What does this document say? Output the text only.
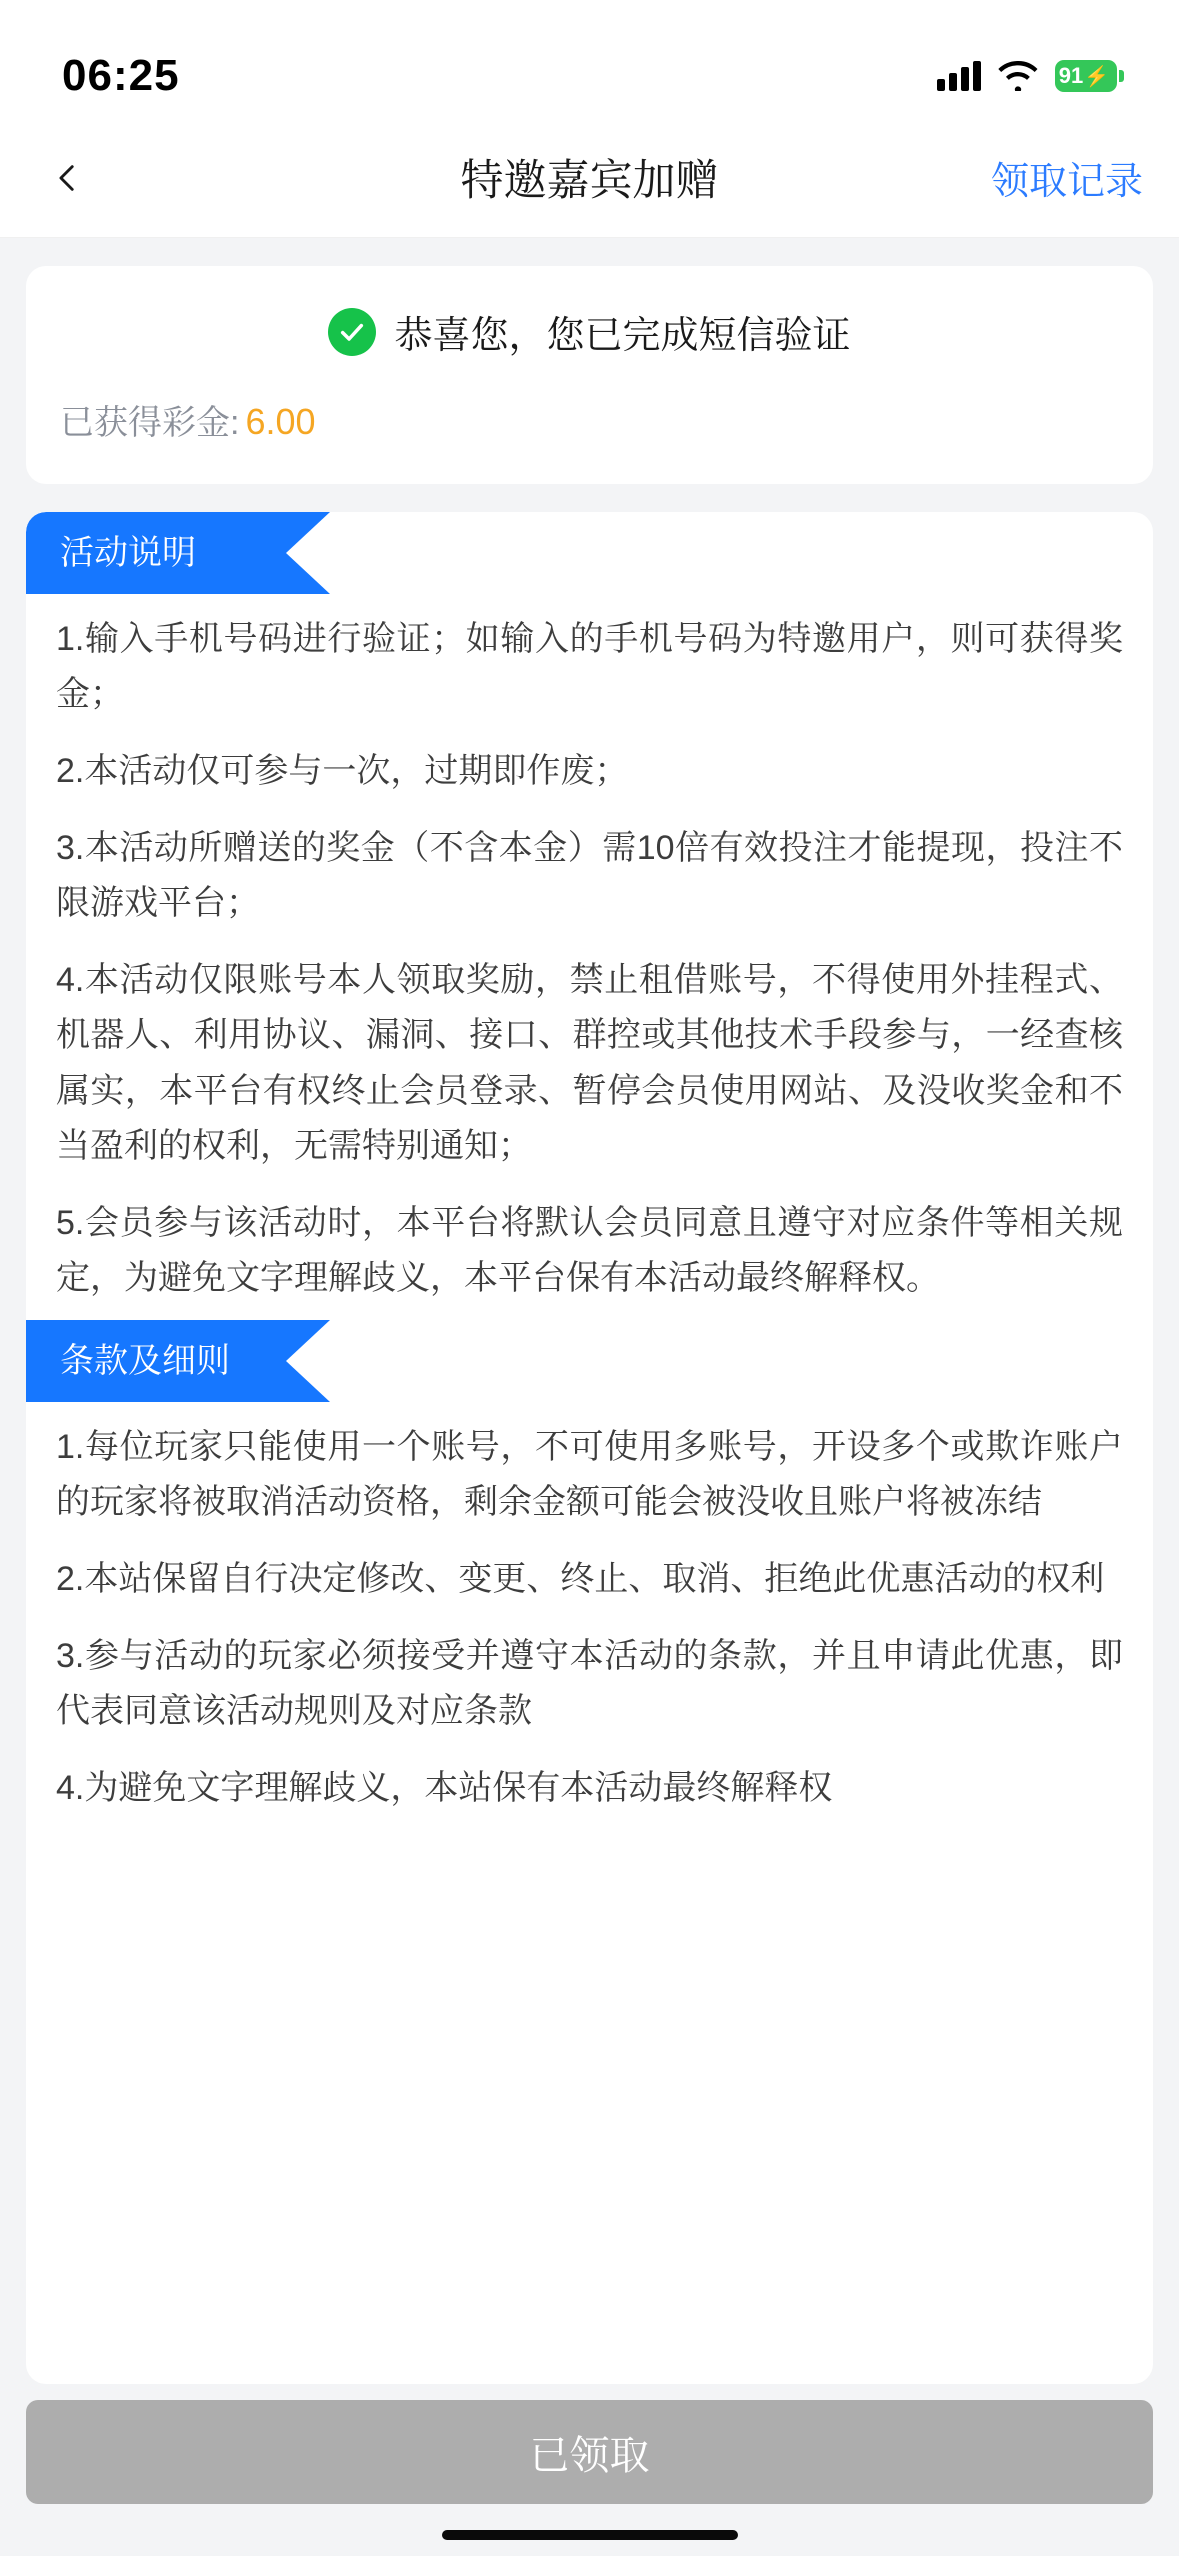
06:25	91 ⚡
特邀嘉宾加赠	领取记录
恭喜您，您已完成短信验证
已获得彩金: 6.00
活动说明

1.输入手机号码进行验证；如输入的手机号码为特邀用户，则可获得奖金；

2.本活动仅可参与一次，过期即作废；

3.本活动所赠送的奖金（不含本金）需10倍有效投注才能提现，投注不限游戏平台；

4.本活动仅限账号本人领取奖励，禁止租借账号，不得使用外挂程式、机器人、利用协议、漏洞、接口、群控或其他技术手段参与，一经查核属实，本平台有权终止会员登录、暂停会员使用网站、及没收奖金和不当盈利的权利，无需特别通知；

5.会员参与该活动时，本平台将默认会员同意且遵守对应条件等相关规定，为避免文字理解歧义，本平台保有本活动最终解释权。

条款及细则

1.每位玩家只能使用一个账号，不可使用多账号，开设多个或欺诈账户的玩家将被取消活动资格，剩余金额可能会被没收且账户将被冻结

2.本站保留自行决定修改、变更、终止、取消、拒绝此优惠活动的权利

3.参与活动的玩家必须接受并遵守本活动的条款，并且申请此优惠，即代表同意该活动规则及对应条款

4.为避免文字理解歧义，本站保有本活动最终解释权

已领取
